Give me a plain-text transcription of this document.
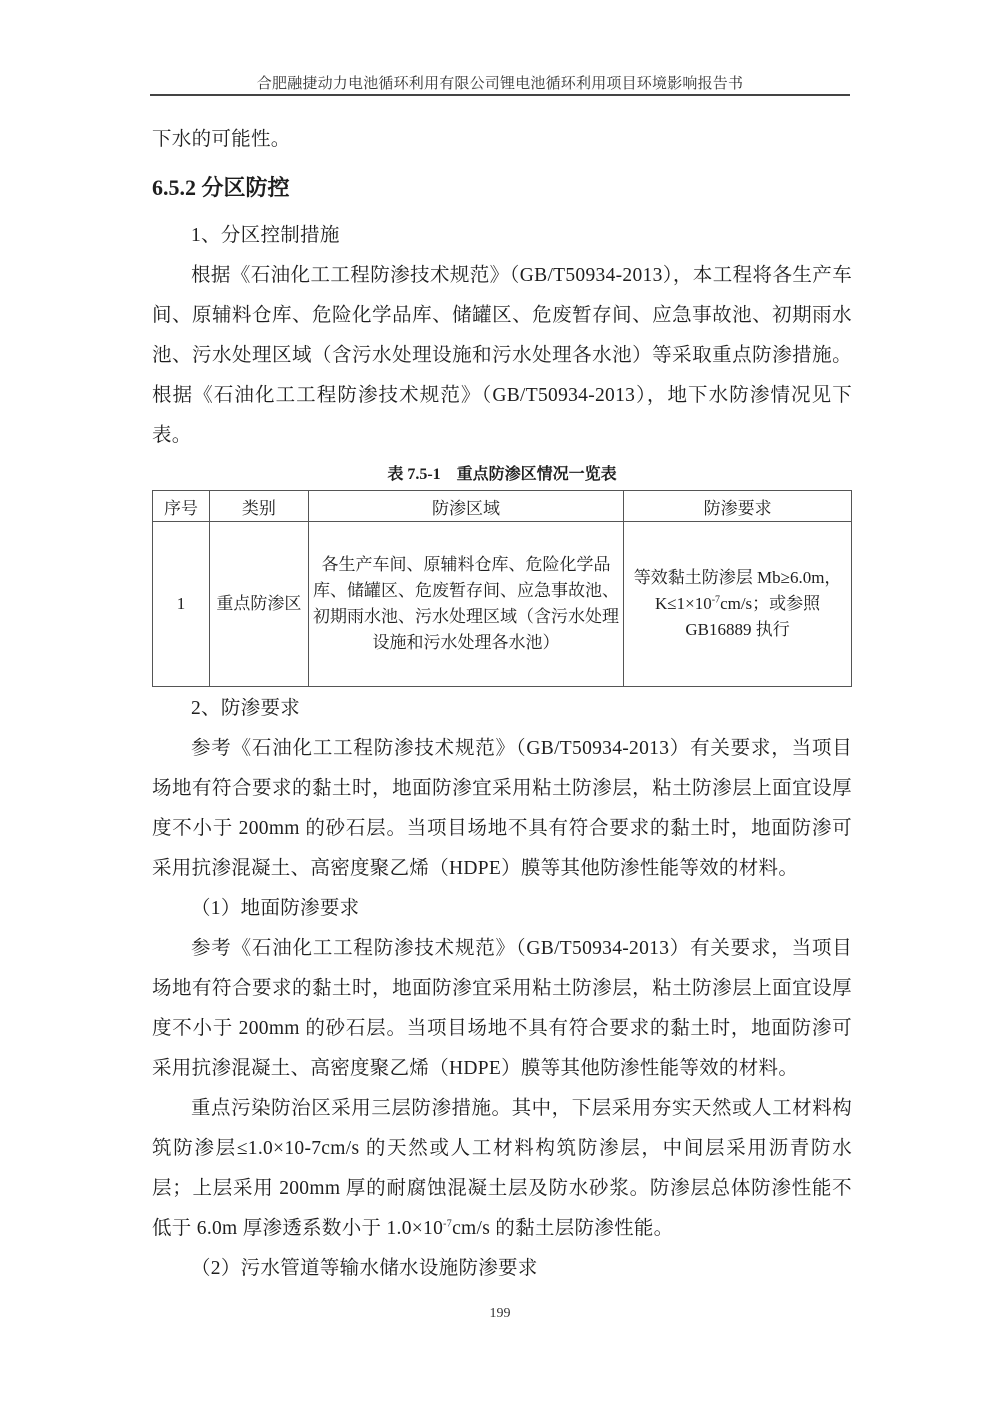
合肥融捷动力电池循环利用有限公司锂电池循环利用项目环境影响报告书

下水的可能性。

6.5.2 分区防控

1、分区控制措施

根据《石油化工工程防渗技术规范》（GB/T50934-2013），本工程将各生产车间、原辅料仓库、危险化学品库、储罐区、危废暂存间、应急事故池、初期雨水池、污水处理区域（含污水处理设施和污水处理各水池）等采取重点防渗措施。根据《石油化工工程防渗技术规范》（GB/T50934-2013），地下水防渗情况见下表。

表 7.5-1　重点防渗区情况一览表
序号	类别	防渗区域	防渗要求
1	重点防渗区	各生产车间、原辅料仓库、危险化学品库、储罐区、危废暂存间、应急事故池、初期雨水池、污水处理区域（含污水处理设施和污水处理各水池）	等效黏土防渗层 Mb≥6.0m，
$K\le 1\times 10^{-7}cm/s$；或参照
GB16889 执行

2、防渗要求

参考《石油化工工程防渗技术规范》（GB/T50934-2013）有关要求，当项目场地有符合要求的黏土时，地面防渗宜采用粘土防渗层，粘土防渗层上面宜设厚度不小于 200mm 的砂石层。当项目场地不具有符合要求的黏土时，地面防渗可采用抗渗混凝土、高密度聚乙烯（HDPE）膜等其他防渗性能等效的材料。

（1）地面防渗要求

参考《石油化工工程防渗技术规范》（GB/T50934-2013）有关要求，当项目场地有符合要求的黏土时，地面防渗宜采用粘土防渗层，粘土防渗层上面宜设厚度不小于 200mm 的砂石层。当项目场地不具有符合要求的黏土时，地面防渗可采用抗渗混凝土、高密度聚乙烯（HDPE）膜等其他防渗性能等效的材料。

重点污染防治区采用三层防渗措施。其中，下层采用夯实天然或人工材料构筑防渗层≤1.0×10-7cm/s 的天然或人工材料构筑防渗层，中间层采用沥青防水层；上层采用 200mm 厚的耐腐蚀混凝土层及防水砂浆。防渗层总体防渗性能不低于 6.0m 厚渗透系数小于 $1.0\times 10^{-7}cm/s$ 的黏土层防渗性能。

（2）污水管道等输水储水设施防渗要求

199
